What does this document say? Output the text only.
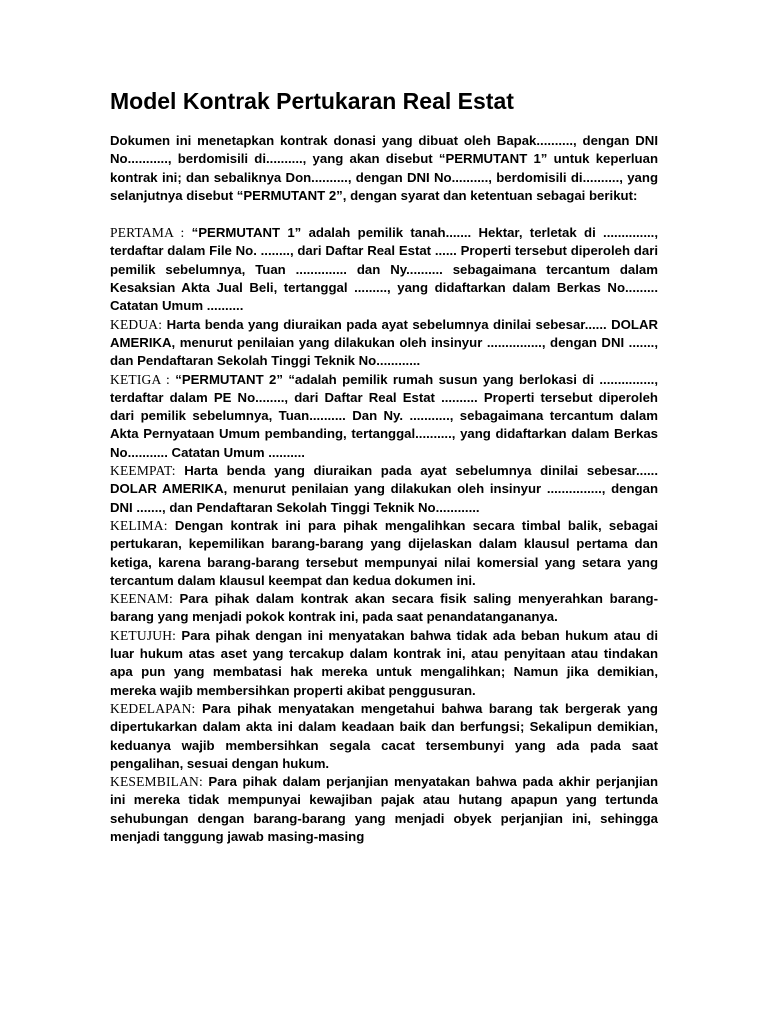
Model Kontrak Pertukaran Real Estat

Dokumen ini menetapkan kontrak donasi yang dibuat oleh Bapak.........., dengan DNI No..........., berdomisili di.........., yang akan disebut “PERMUTANT 1” untuk keperluan kontrak ini; dan sebaliknya Don.........., dengan DNI No.........., berdomisili di.........., yang selanjutnya disebut “PERMUTANT 2”, dengan syarat dan ketentuan sebagai berikut:

PERTAMA : “PERMUTANT 1” adalah pemilik tanah....... Hektar, terletak di .............., terdaftar dalam File No. ........, dari Daftar Real Estat ...... Properti tersebut diperoleh dari pemilik sebelumnya, Tuan .............. dan Ny.......... sebagaimana tercantum dalam Kesaksian Akta Jual Beli, tertanggal ........., yang didaftarkan dalam Berkas No......... Catatan Umum ..........

KEDUA: Harta benda yang diuraikan pada ayat sebelumnya dinilai sebesar...... DOLAR AMERIKA, menurut penilaian yang dilakukan oleh insinyur ..............., dengan DNI ......., dan Pendaftaran Sekolah Tinggi Teknik No............

KETIGA : “PERMUTANT 2” “adalah pemilik rumah susun yang berlokasi di ..............., terdaftar dalam PE No........, dari Daftar Real Estat .......... Properti tersebut diperoleh dari pemilik sebelumnya, Tuan.......... Dan Ny. ..........., sebagaimana tercantum dalam Akta Pernyataan Umum pembanding, tertanggal.........., yang didaftarkan dalam Berkas No........... Catatan Umum ..........

KEEMPAT: Harta benda yang diuraikan pada ayat sebelumnya dinilai sebesar...... DOLAR AMERIKA, menurut penilaian yang dilakukan oleh insinyur ..............., dengan DNI ......., dan Pendaftaran Sekolah Tinggi Teknik No............

KELIMA: Dengan kontrak ini para pihak mengalihkan secara timbal balik, sebagai pertukaran, kepemilikan barang-barang yang dijelaskan dalam klausul pertama dan ketiga, karena barang-barang tersebut mempunyai nilai komersial yang setara yang tercantum dalam klausul keempat dan kedua dokumen ini.

KEENAM: Para pihak dalam kontrak akan secara fisik saling menyerahkan barang-barang yang menjadi pokok kontrak ini, pada saat penandatangananya.

KETUJUH: Para pihak dengan ini menyatakan bahwa tidak ada beban hukum atau di luar hukum atas aset yang tercakup dalam kontrak ini, atau penyitaan atau tindakan apa pun yang membatasi hak mereka untuk mengalihkan; Namun jika demikian, mereka wajib membersihkan properti akibat penggusuran.

KEDELAPAN: Para pihak menyatakan mengetahui bahwa barang tak bergerak yang dipertukarkan dalam akta ini dalam keadaan baik dan berfungsi; Sekalipun demikian, keduanya wajib membersihkan segala cacat tersembunyi yang ada pada saat pengalihan, sesuai dengan hukum.

KESEMBILAN: Para pihak dalam perjanjian menyatakan bahwa pada akhir perjanjian ini mereka tidak mempunyai kewajiban pajak atau hutang apapun yang tertunda sehubungan dengan barang-barang yang menjadi obyek perjanjian ini, sehingga menjadi tanggung jawab masing-masing
